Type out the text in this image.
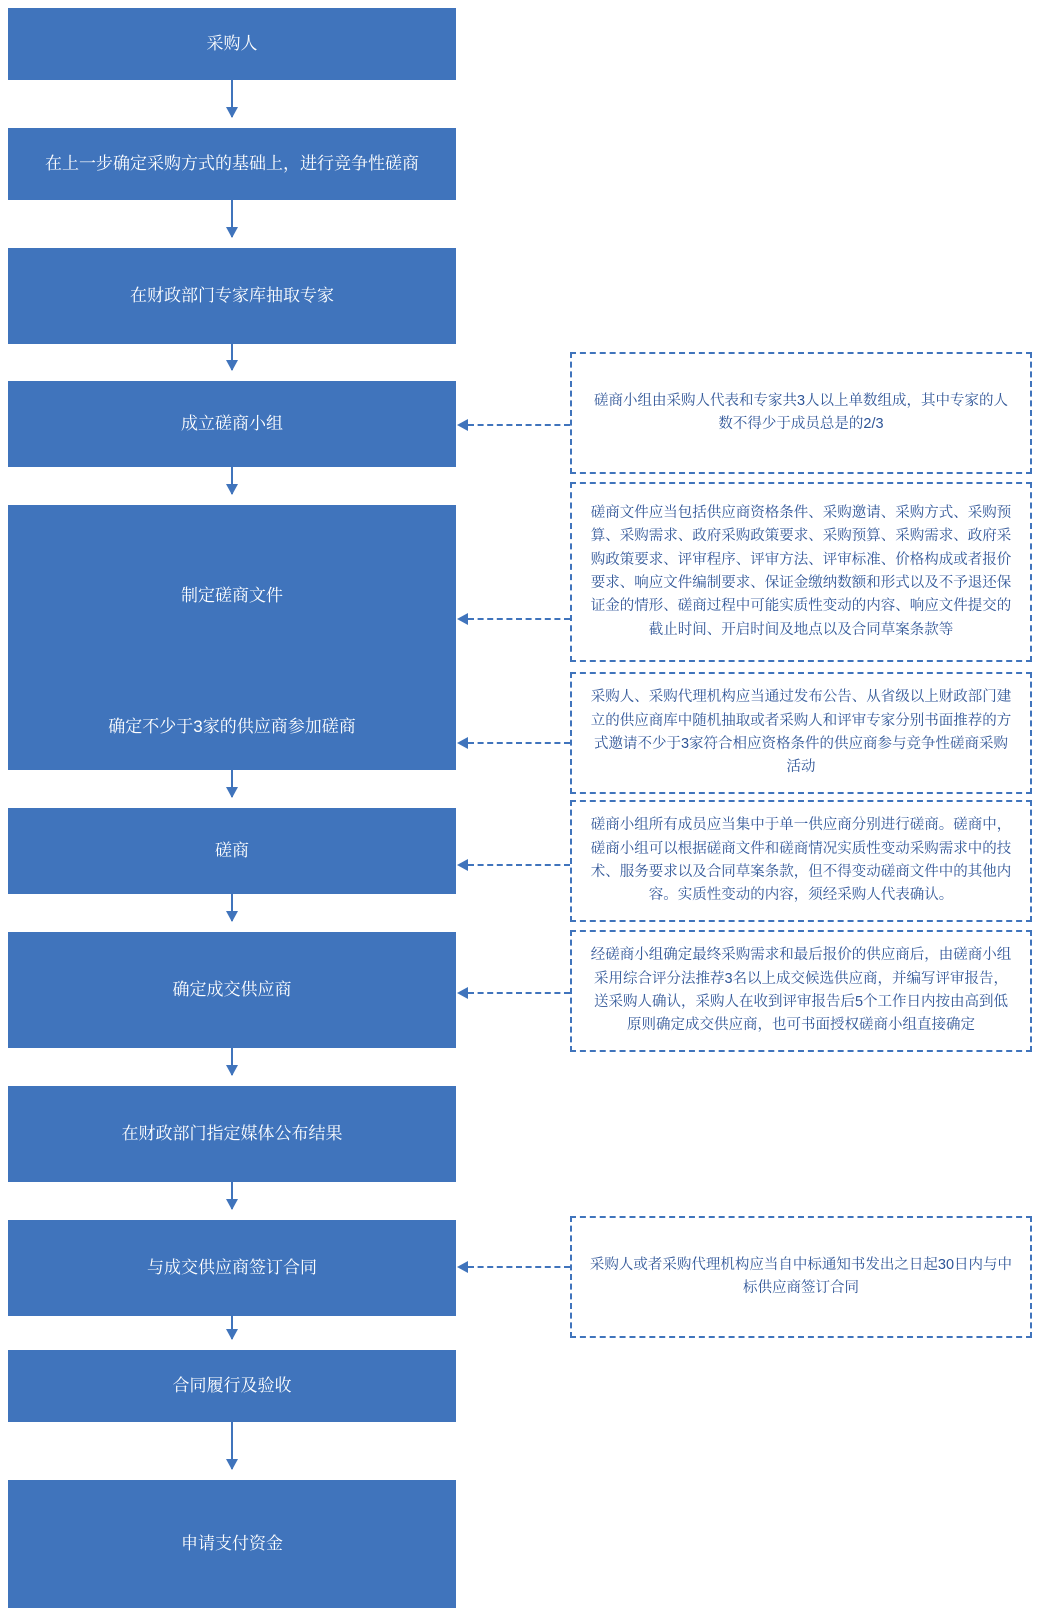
采购人
在上一步确定采购方式的基础上，进行竞争性磋商
在财政部门专家库抽取专家
成立磋商小组
制定磋商文件
确定不少于3家的供应商参加磋商
磋商
确定成交供应商
在财政部门指定媒体公布结果
与成交供应商签订合同
合同履行及验收
申请支付资金
磋商小组由采购人代表和专家共3人以上单数组成，其中专家的人数不得少于成员总是的2/3
磋商文件应当包括供应商资格条件、采购邀请、采购方式、采购预算、采购需求、政府采购政策要求、采购预算、采购需求、政府采购政策要求、评审程序、评审方法、评审标准、价格构成或者报价要求、响应文件编制要求、保证金缴纳数额和形式以及不予退还保证金的情形、磋商过程中可能实质性变动的内容、响应文件提交的截止时间、开启时间及地点以及合同草案条款等
采购人、采购代理机构应当通过发布公告、从省级以上财政部门建立的供应商库中随机抽取或者采购人和评审专家分别书面推荐的方式邀请不少于3家符合相应资格条件的供应商参与竞争性磋商采购活动
磋商小组所有成员应当集中于单一供应商分别进行磋商。磋商中，磋商小组可以根据磋商文件和磋商情况实质性变动采购需求中的技术、服务要求以及合同草案条款，但不得变动磋商文件中的其他内容。实质性变动的内容，须经采购人代表确认。
经磋商小组确定最终采购需求和最后报价的供应商后，由磋商小组采用综合评分法推荐3名以上成交候选供应商，并编写评审报告，送采购人确认，采购人在收到评审报告后5个工作日内按由高到低原则确定成交供应商，也可书面授权磋商小组直接确定
采购人或者采购代理机构应当自中标通知书发出之日起30日内与中标供应商签订合同
